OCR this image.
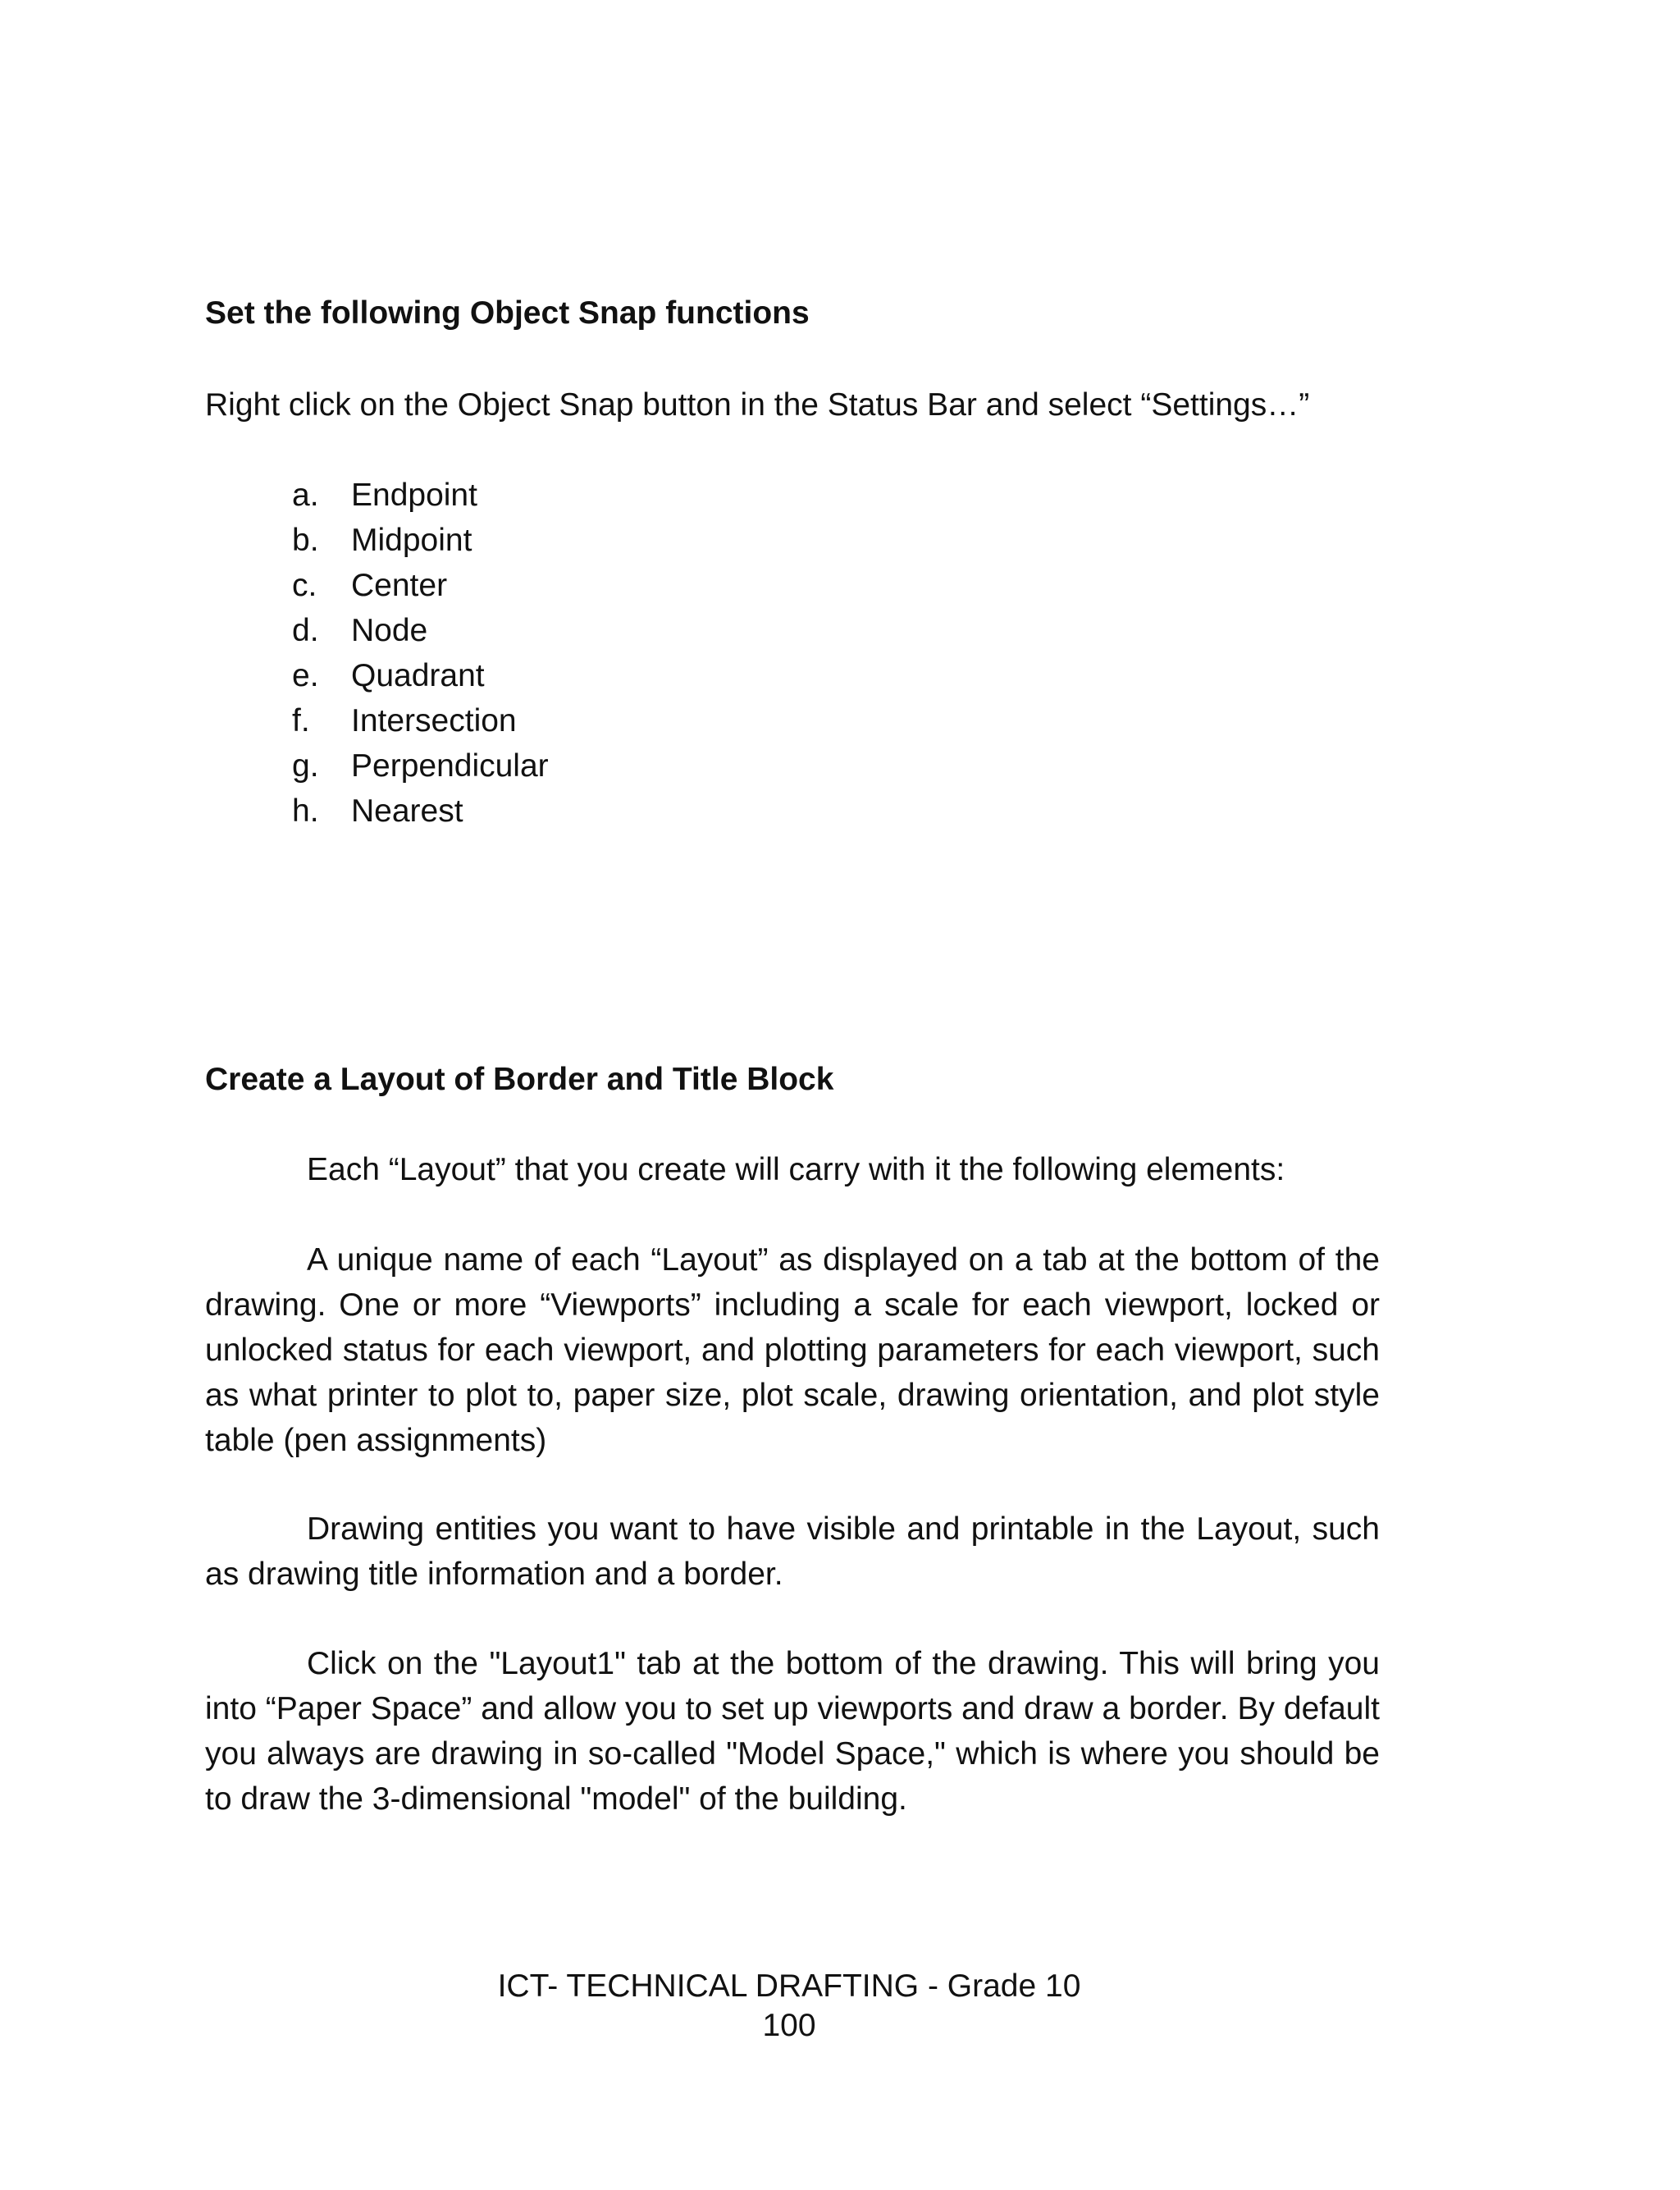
Set the following Object Snap functions

Right click on the Object Snap button in the Status Bar and select “Settings…”

a. Endpoint
b. Midpoint
c. Center
d. Node
e. Quadrant
f. Intersection
g. Perpendicular
h. Nearest
Create a Layout of Border and Title Block

Each “Layout” that you create will carry with it the following elements:

A unique name of each “Layout” as displayed on a tab at the bottom of the drawing. One or more “Viewports” including a scale for each viewport, locked or unlocked status for each viewport, and plotting parameters for each viewport, such as what printer to plot to, paper size, plot scale, drawing orientation, and plot style table (pen assignments)

Drawing entities you want to have visible and printable in the Layout, such as drawing title information and a border.

Click on the "Layout1" tab at the bottom of the drawing. This will bring you into “Paper Space” and allow you to set up viewports and draw a border. By default you always are drawing in so-called "Model Space," which is where you should be to draw the 3-dimensional "model" of the building.

ICT- TECHNICAL DRAFTING - Grade 10

100
